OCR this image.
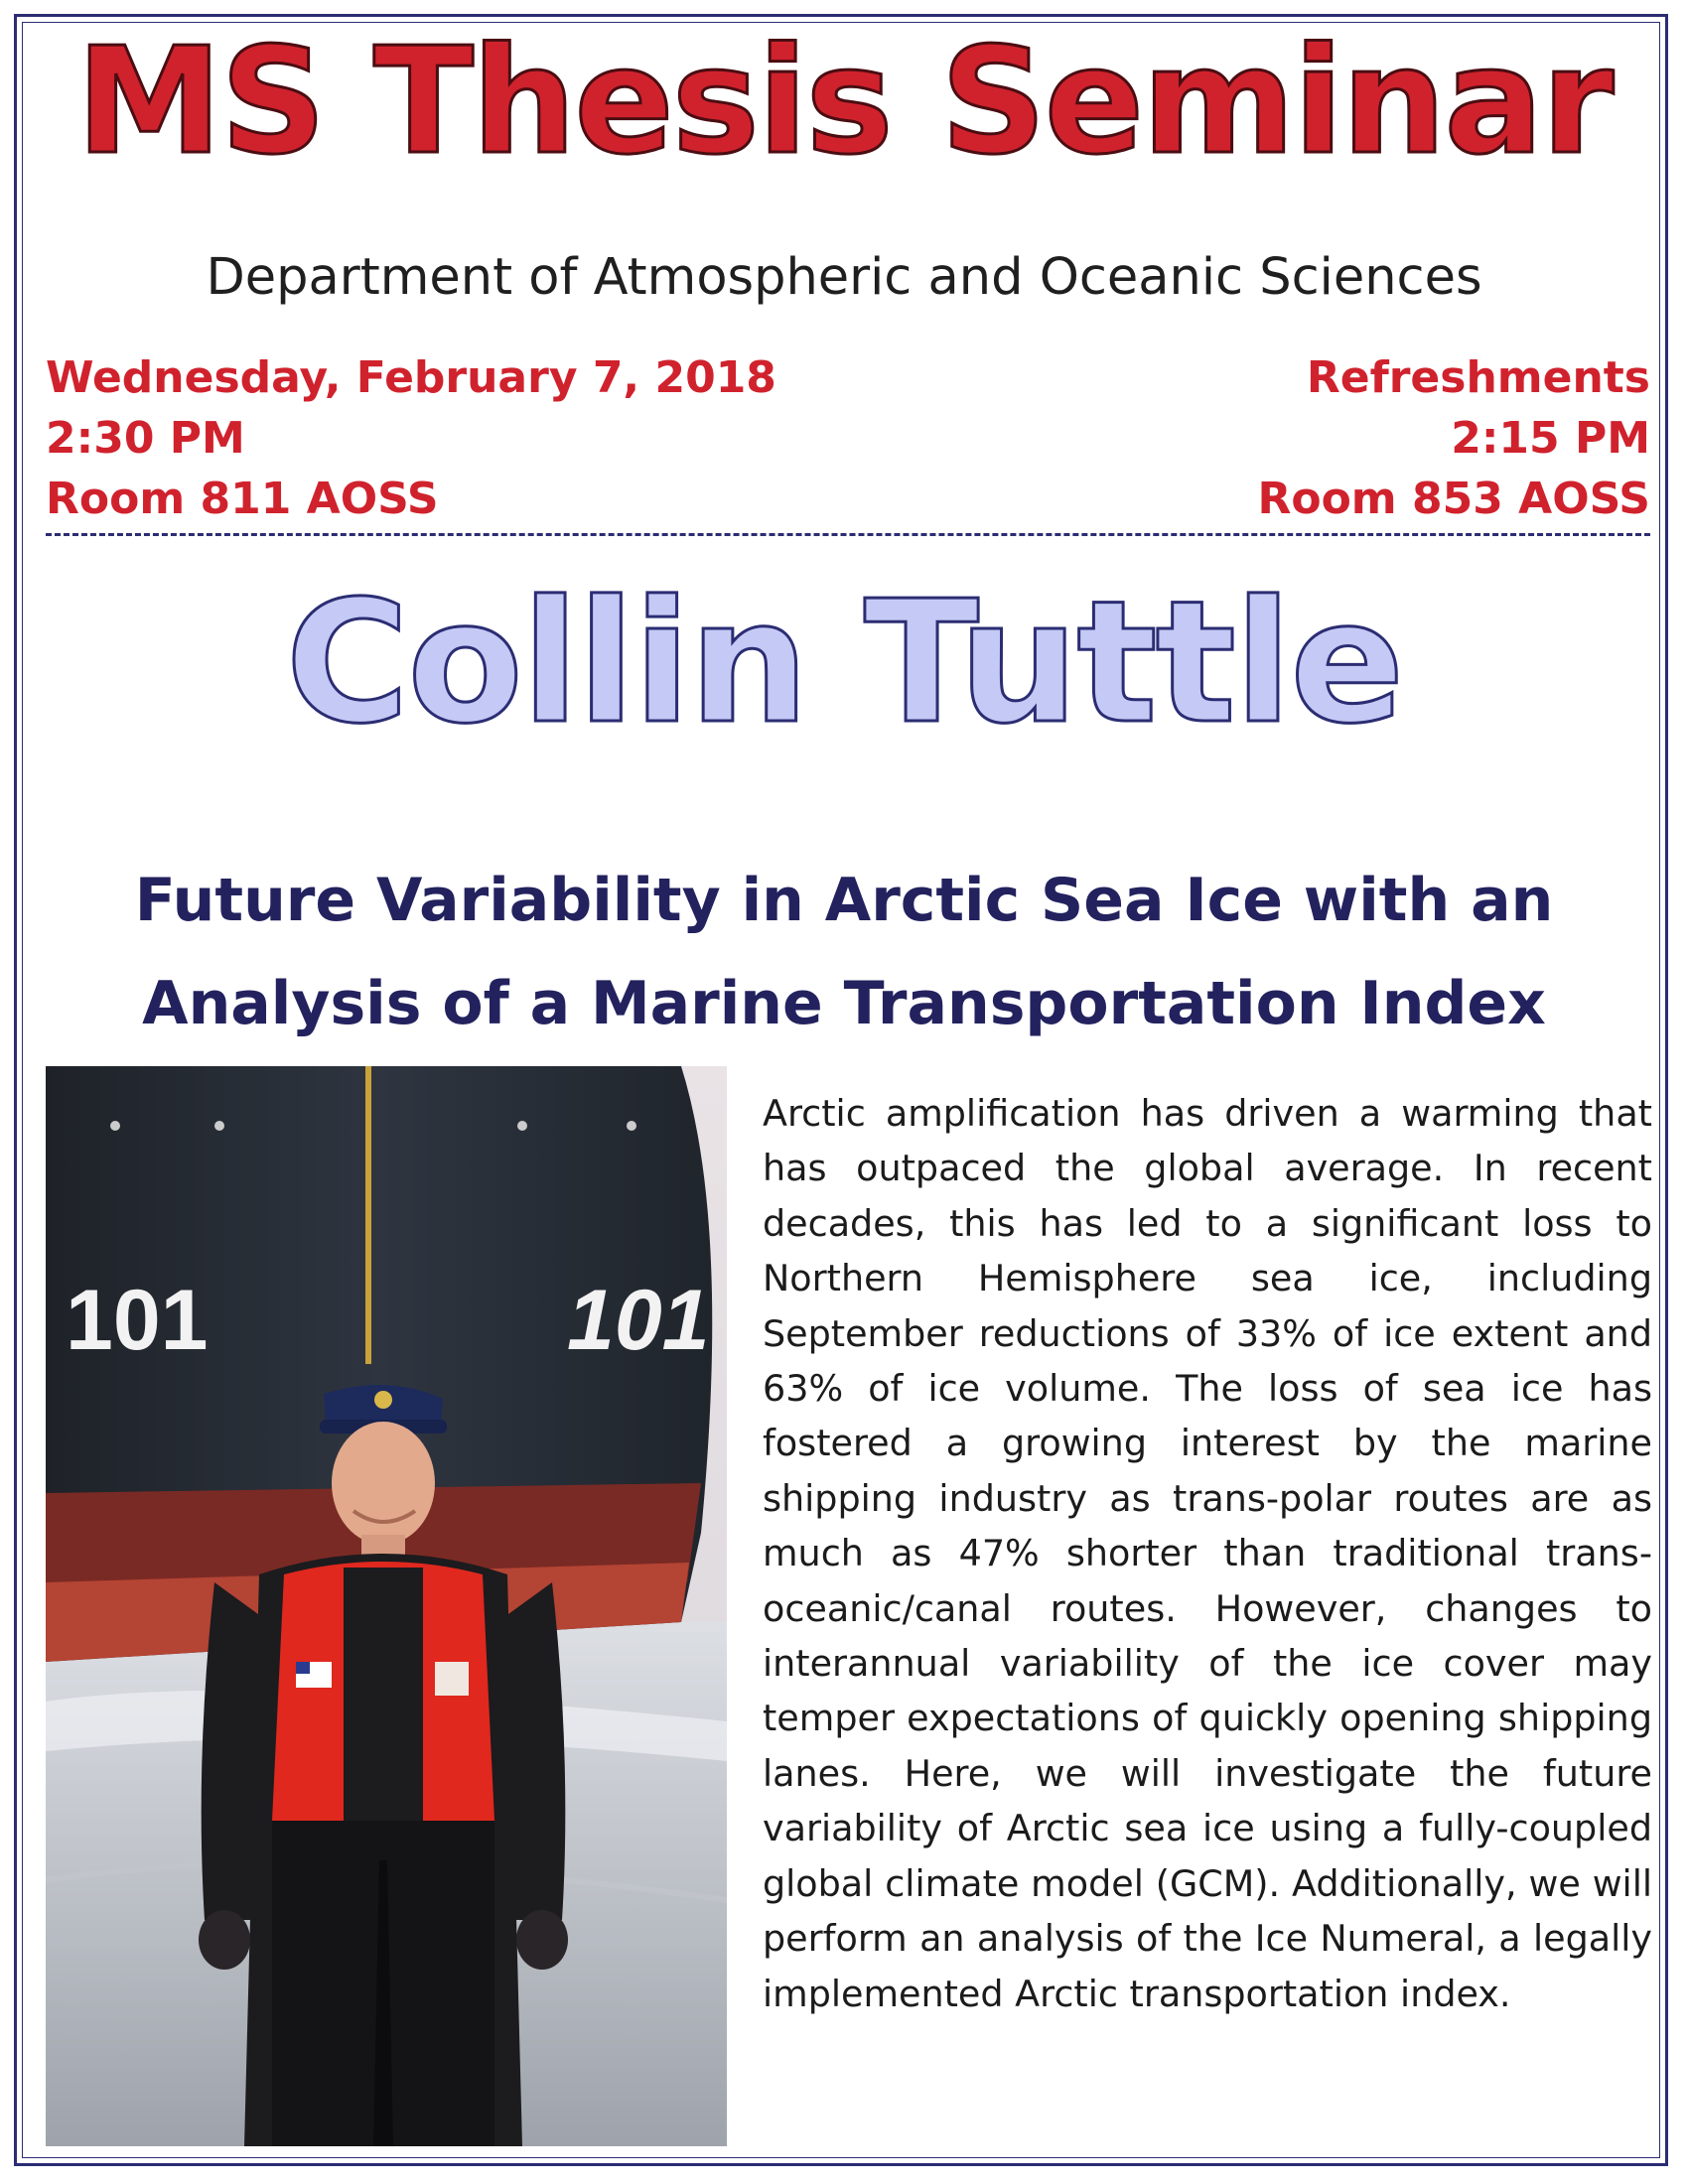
MS Thesis Seminar
Department of Atmospheric and Oceanic Sciences
Wednesday, February 7, 2018
2:30 PM
Room 811 AOSS
Refreshments
2:15 PM
Room 853 AOSS
Collin Tuttle
Future Variability in Arctic Sea Ice with an
Analysis of a Marine Transportation Index
101	101
Arctic amplification has driven a warming that has outpaced the global average. In recent decades, this has led to a significant loss to Northern Hemisphere sea ice, including September reductions of 33% of ice extent and 63% of ice volume. The loss of sea ice has fostered a growing interest by the marine shipping industry as trans-polar routes are as much as 47% shorter than traditional trans-oceanic/canal routes. However, changes to interannual variability of the ice cover may temper expectations of quickly opening shipping lanes. Here, we will investigate the future variability of Arctic sea ice using a fully-coupled global climate model (GCM). Additionally, we will perform an analysis of the Ice Numeral, a legally implemented Arctic transportation index.
